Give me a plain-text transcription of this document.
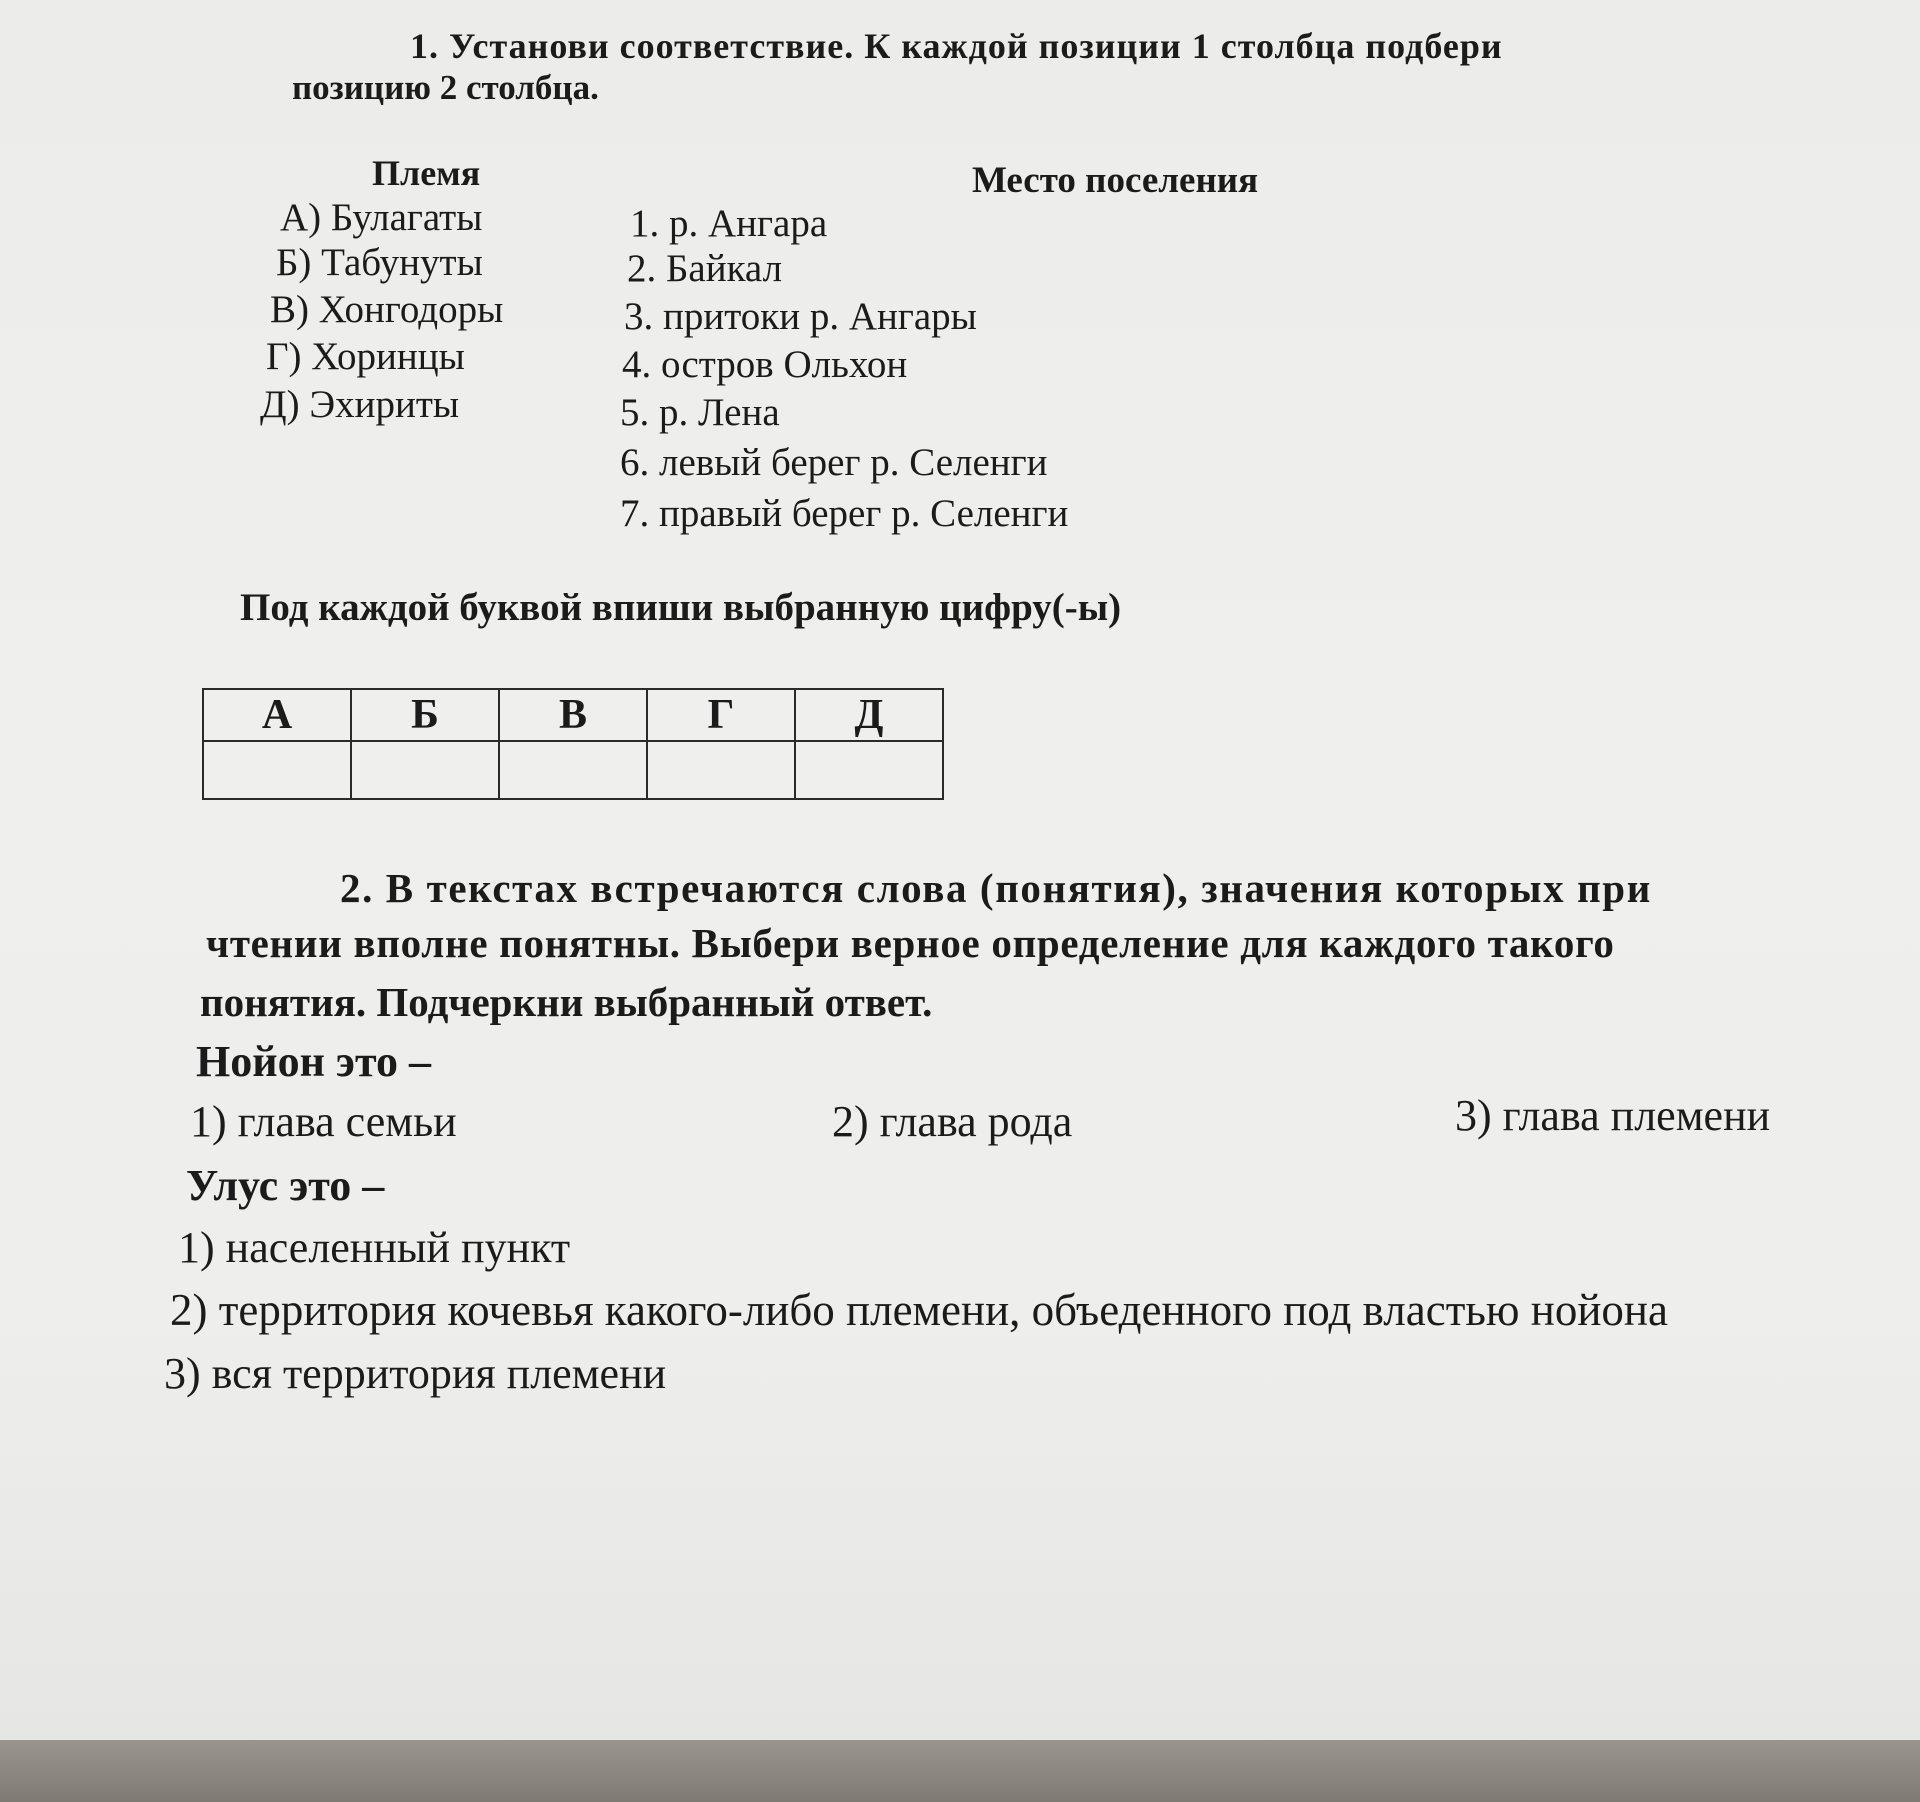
1. Установи соответствие. К каждой позиции 1 столбца подбери
позицию 2 столбца.
Племя	Место поселения
А) Булагаты
Б) Табунуты
В) Хонгодоры
Г) Хоринцы
Д) Эхириты
1. р. Ангара
2. Байкал
3. притоки р. Ангары
4. остров Ольхон
5. р. Лена
6. левый берег р. Селенги
7. правый берег р. Селенги
Под каждой буквой впиши выбранную цифру(-ы)
А	Б	В	Г	Д

2. В текстах встречаются слова (понятия), значения которых при
чтении вполне понятны. Выбери верное определение для каждого такого
понятия. Подчеркни выбранный ответ.
Нойон это –
1) глава семьи	2) глава рода	3) глава племени
Улус это –
1) населенный пункт
2) территория кочевья какого-либо племени, объеденного под властью нойона
3) вся территория племени
